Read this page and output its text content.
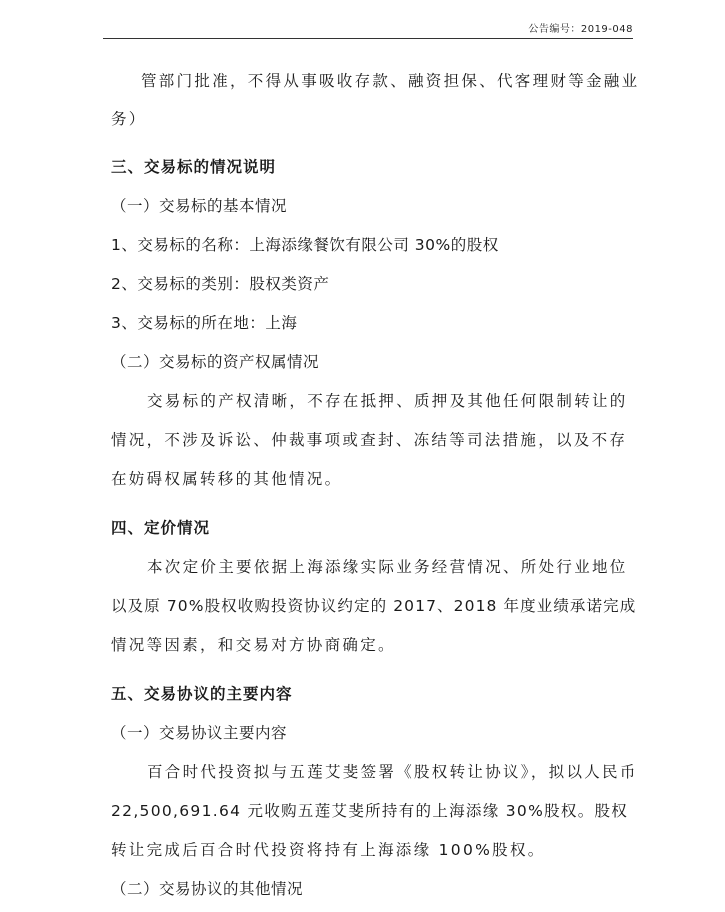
公告编号：2019-048
管部门批准，不得从事吸收存款、融资担保、代客理财等金融业
务）
三、交易标的情况说明
（一）交易标的基本情况
1、交易标的名称：上海添缘餐饮有限公司 30%的股权
2、交易标的类别：股权类资产
3、交易标的所在地：上海
（二）交易标的资产权属情况
交易标的产权清晰，不存在抵押、质押及其他任何限制转让的
情况，不涉及诉讼、仲裁事项或查封、冻结等司法措施，以及不存
在妨碍权属转移的其他情况。
四、定价情况
本次定价主要依据上海添缘实际业务经营情况、所处行业地位
以及原 70%股权收购投资协议约定的 2017、2018 年度业绩承诺完成
情况等因素，和交易对方协商确定。
五、交易协议的主要内容
（一）交易协议主要内容
百合时代投资拟与五莲艾斐签署《股权转让协议》，拟以人民币
22,500,691.64 元收购五莲艾斐所持有的上海添缘 30%股权。股权
转让完成后百合时代投资将持有上海添缘 100%股权。
（二）交易协议的其他情况
